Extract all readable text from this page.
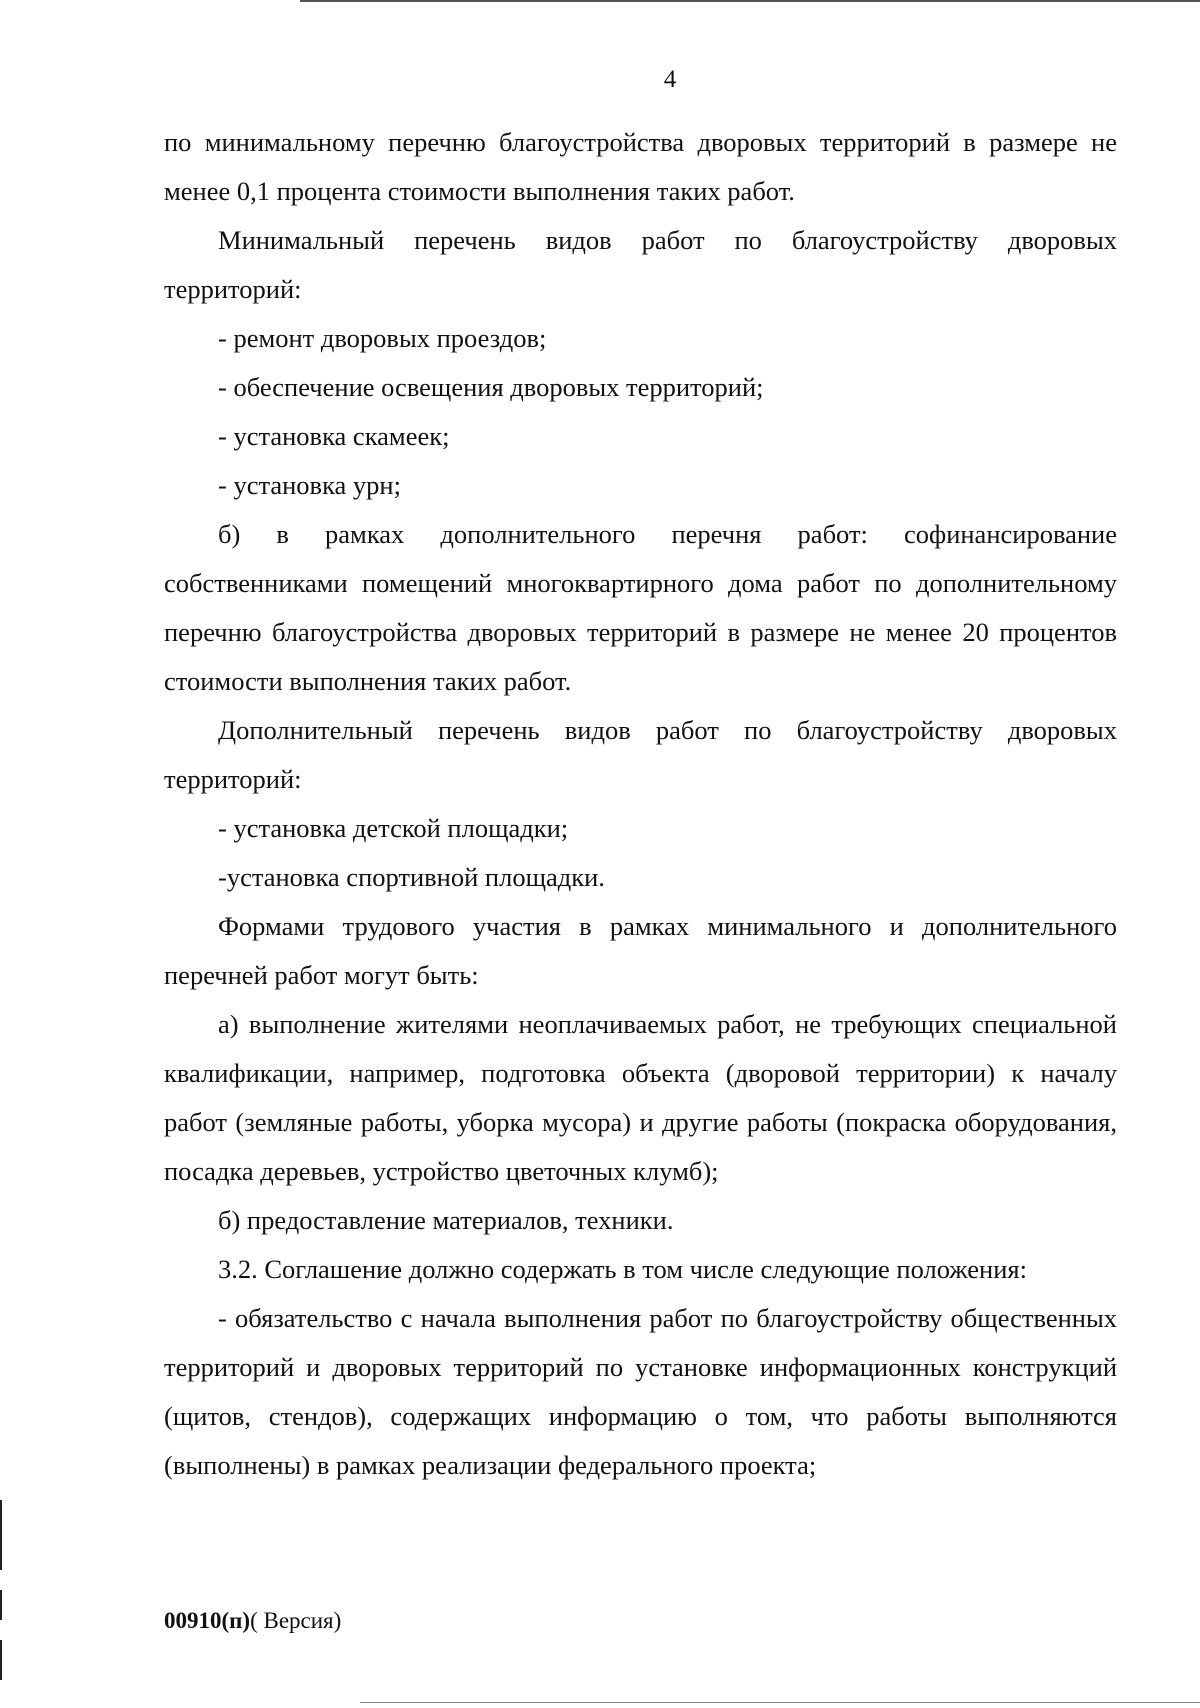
4

по минимальному перечню благоустройства дворовых территорий в размере не менее 0,1 процента стоимости выполнения таких работ.

Минимальный перечень видов работ по благоустройству дворовых территорий:

- ремонт дворовых проездов;

- обеспечение освещения дворовых территорий;

- установка скамеек;

- установка урн;

б) в рамках дополнительного перечня работ: софинансирование собственниками помещений многоквартирного дома работ по дополнительному перечню благоустройства дворовых территорий в размере не менее 20 процентов стоимости выполнения таких работ.

Дополнительный перечень видов работ по благоустройству дворовых территорий:

- установка детской площадки;

-установка спортивной площадки.

Формами трудового участия в рамках минимального и дополнительного перечней работ могут быть:

а) выполнение жителями неоплачиваемых работ, не требующих специальной квалификации, например, подготовка объекта (дворовой территории) к началу работ (земляные работы, уборка мусора) и другие работы (покраска оборудования, посадка деревьев, устройство цветочных клумб);

б) предоставление материалов, техники.

3.2. Соглашение должно содержать в том числе следующие положения:

- обязательство с начала выполнения работ по благоустройству общественных территорий и дворовых территорий по установке информационных конструкций (щитов, стендов), содержащих информацию о том, что работы выполняются (выполнены) в рамках реализации федерального проекта;

00910(п)( Версия)
